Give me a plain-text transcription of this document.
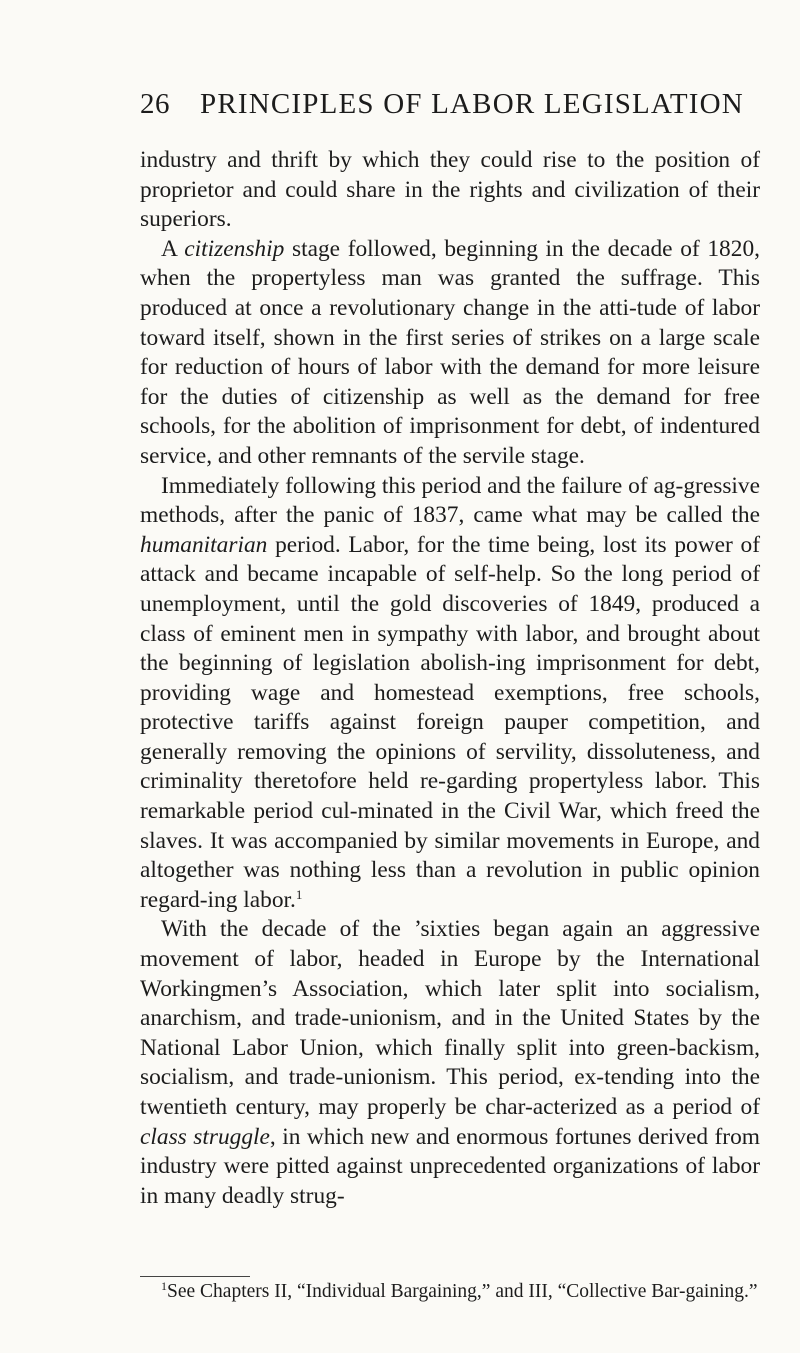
26 PRINCIPLES OF LABOR LEGISLATION

industry and thrift by which they could rise to the position of proprietor and could share in the rights and civilization of their superiors.

A citizenship stage followed, beginning in the decade of 1820, when the propertyless man was granted the suffrage. This produced at once a revolutionary change in the atti-tude of labor toward itself, shown in the first series of strikes on a large scale for reduction of hours of labor with the demand for more leisure for the duties of citizenship as well as the demand for free schools, for the abolition of imprisonment for debt, of indentured service, and other remnants of the servile stage.

Immediately following this period and the failure of ag-gressive methods, after the panic of 1837, came what may be called the humanitarian period. Labor, for the time being, lost its power of attack and became incapable of self-help. So the long period of unemployment, until the gold discoveries of 1849, produced a class of eminent men in sympathy with labor, and brought about the beginning of legislation abolish-ing imprisonment for debt, providing wage and homestead exemptions, free schools, protective tariffs against foreign pauper competition, and generally removing the opinions of servility, dissoluteness, and criminality theretofore held re-garding propertyless labor. This remarkable period cul-minated in the Civil War, which freed the slaves. It was accompanied by similar movements in Europe, and altogether was nothing less than a revolution in public opinion regard-ing labor.$^1$

With the decade of the ’sixties began again an aggressive movement of labor, headed in Europe by the International Workingmen’s Association, which later split into socialism, anarchism, and trade-unionism, and in the United States by the National Labor Union, which finally split into green-backism, socialism, and trade-unionism. This period, ex-tending into the twentieth century, may properly be char-acterized as a period of class struggle, in which new and enormous fortunes derived from industry were pitted against unprecedented organizations of labor in many deadly strug-

$^1$See Chapters II, “Individual Bargaining,” and III, “Collective Bar-gaining.”
